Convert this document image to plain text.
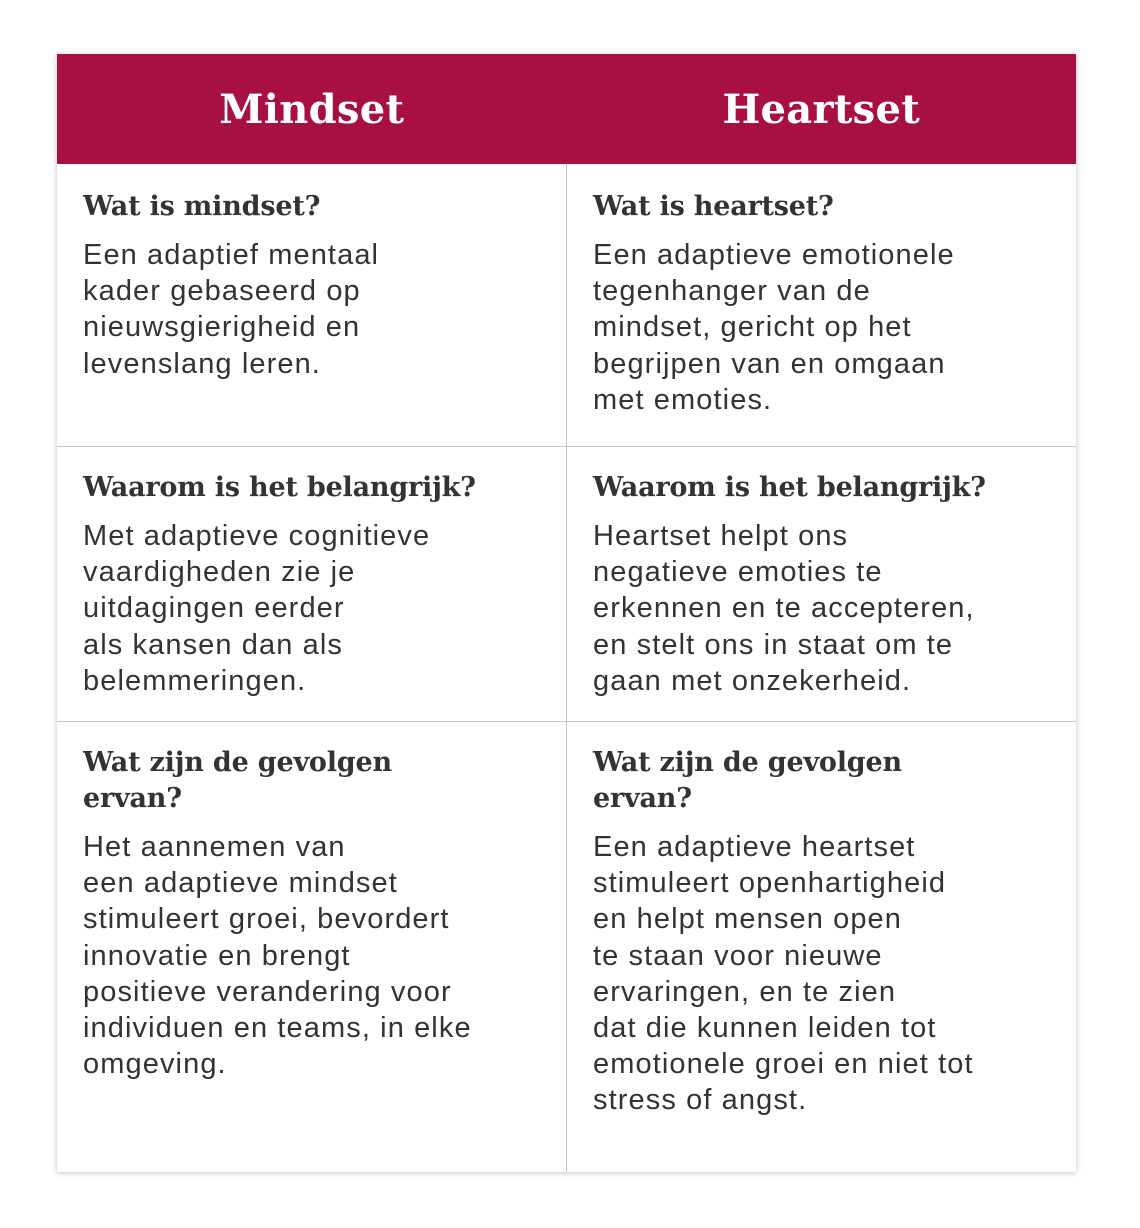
Mindset	Heartset

Wat is mindset?

Een adaptief mentaal
kader gebaseerd op
nieuwsgierigheid en
levenslang leren.

Wat is heartset?

Een adaptieve emotionele
tegenhanger van de
mindset, gericht op het
begrijpen van en omgaan
met emoties.

Waarom is het belangrijk?

Met adaptieve cognitieve
vaardigheden zie je
uitdagingen eerder
als kansen dan als
belemmeringen.

Waarom is het belangrijk?

Heartset helpt ons
negatieve emoties te
erkennen en te accepteren,
en stelt ons in staat om te
gaan met onzekerheid.

Wat zijn de gevolgen
ervan?

Het aannemen van
een adaptieve mindset
stimuleert groei, bevordert
innovatie en brengt
positieve verandering voor
individuen en teams, in elke
omgeving.

Wat zijn de gevolgen
ervan?

Een adaptieve heartset
stimuleert openhartigheid
en helpt mensen open
te staan voor nieuwe
ervaringen, en te zien
dat die kunnen leiden tot
emotionele groei en niet tot
stress of angst.
